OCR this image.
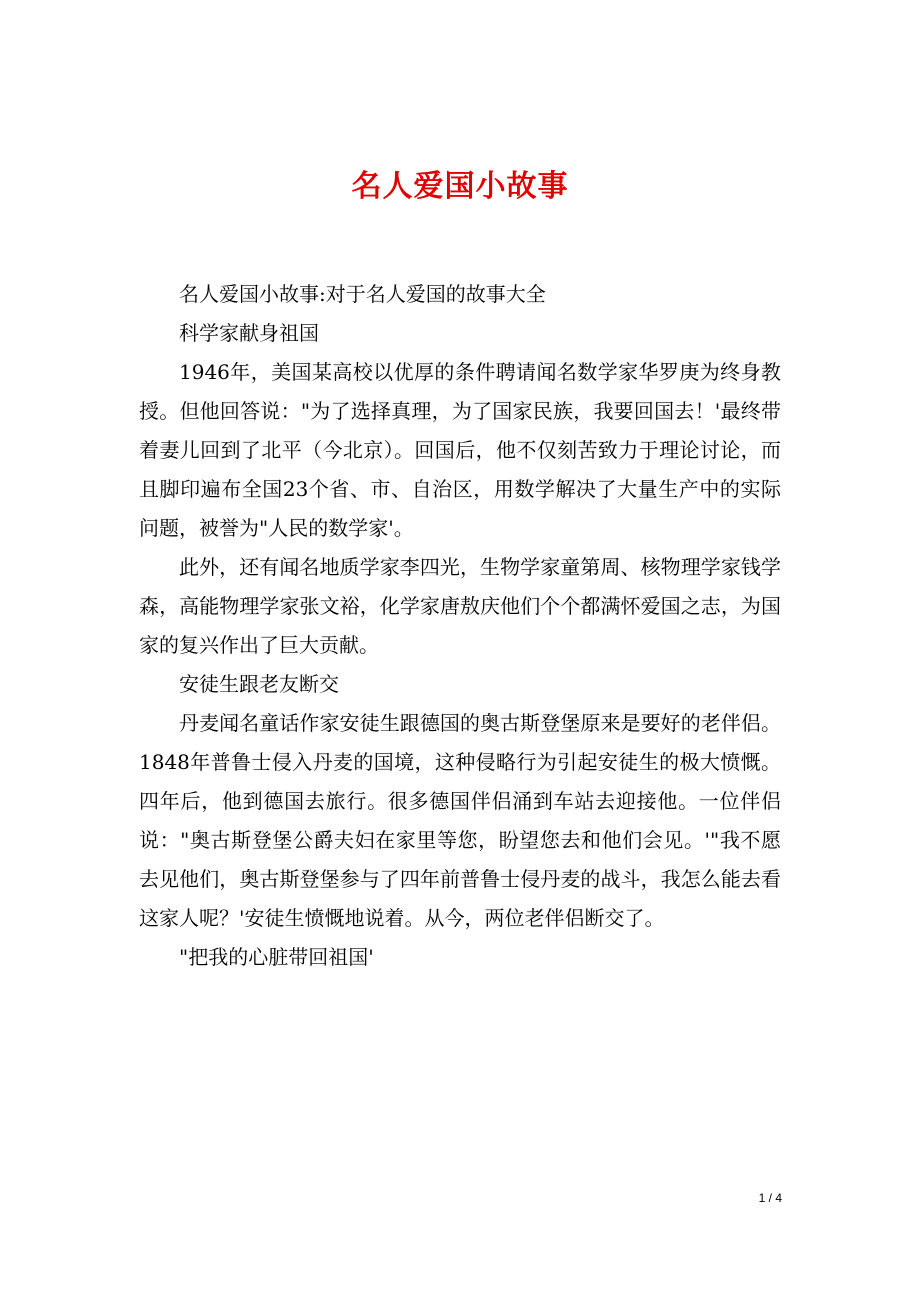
名人爱国小故事

名人爱国小故事:对于名人爱国的故事大全

科学家献身祖国

1946年，美国某高校以优厚的条件聘请闻名数学家华罗庚为终身教授。但他回答说："为了选择真理，为了国家民族，我要回国去！'最终带着妻儿回到了北平（今北京）。回国后，他不仅刻苦致力于理论讨论，而且脚印遍布全国23个省、市、自治区，用数学解决了大量生产中的实际问题，被誉为"人民的数学家'。

此外，还有闻名地质学家李四光，生物学家童第周、核物理学家钱学森，高能物理学家张文裕，化学家唐敖庆他们个个都满怀爱国之志，为国家的复兴作出了巨大贡献。

安徒生跟老友断交

丹麦闻名童话作家安徒生跟德国的奥古斯登堡原来是要好的老伴侣。1848年普鲁士侵入丹麦的国境，这种侵略行为引起安徒生的极大愤慨。四年后，他到德国去旅行。很多德国伴侣涌到车站去迎接他。一位伴侣说："奥古斯登堡公爵夫妇在家里等您，盼望您去和他们会见。'"我不愿去见他们，奥古斯登堡参与了四年前普鲁士侵丹麦的战斗，我怎么能去看这家人呢？'安徒生愤慨地说着。从今，两位老伴侣断交了。

"把我的心脏带回祖国'

1 / 4
